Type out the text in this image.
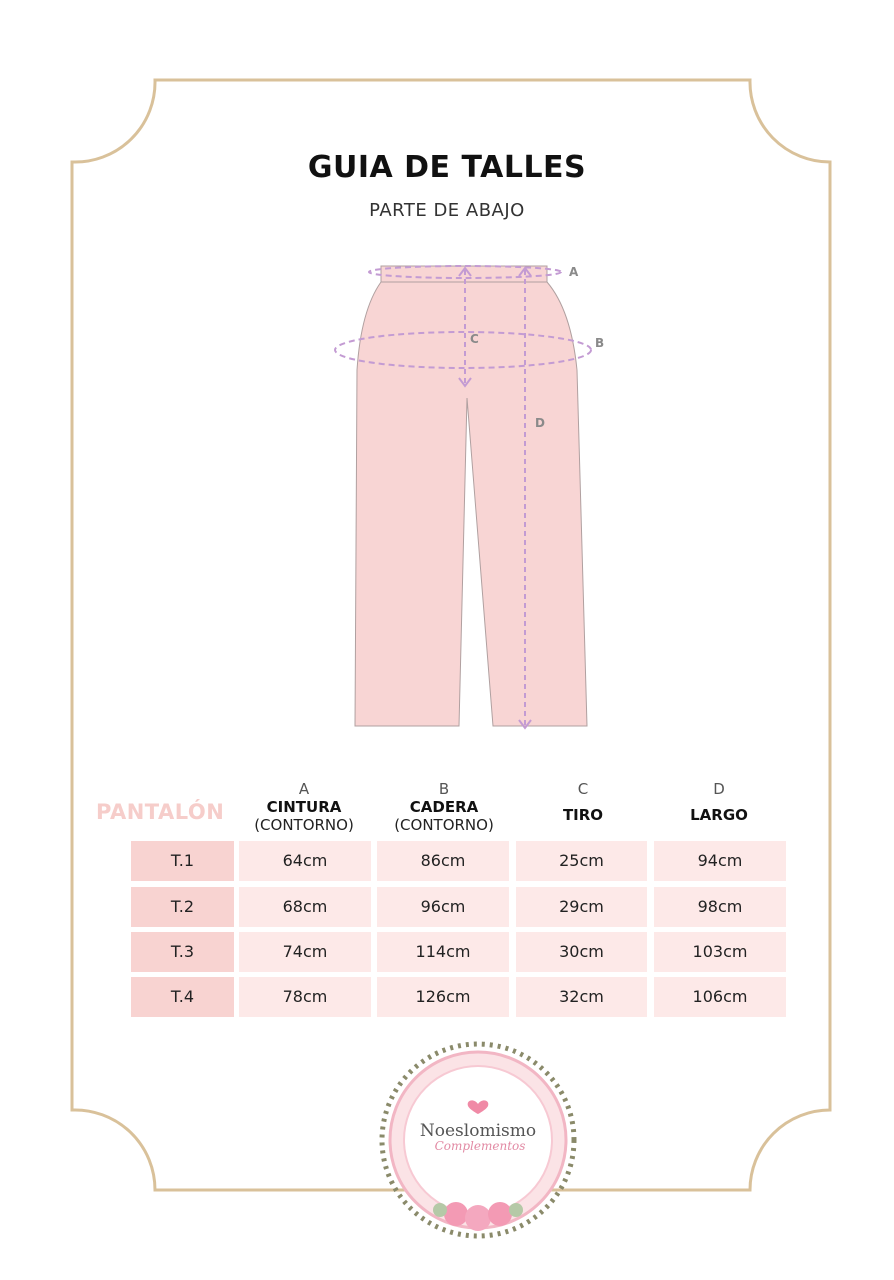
GUIA DE TALLES
PARTE DE ABAJO
A
B
C
D
PANTALÓN
A
CINTURA
(CONTORNO)
B
CADERA
(CONTORNO)
C
TIRO
D
LARGO
T.1	64cm	86cm	25cm	94cm
T.2	68cm	96cm	29cm	98cm
T.3	74cm	114cm	30cm	103cm
T.4	78cm	126cm	32cm	106cm
Noeslomismo
Complementos
